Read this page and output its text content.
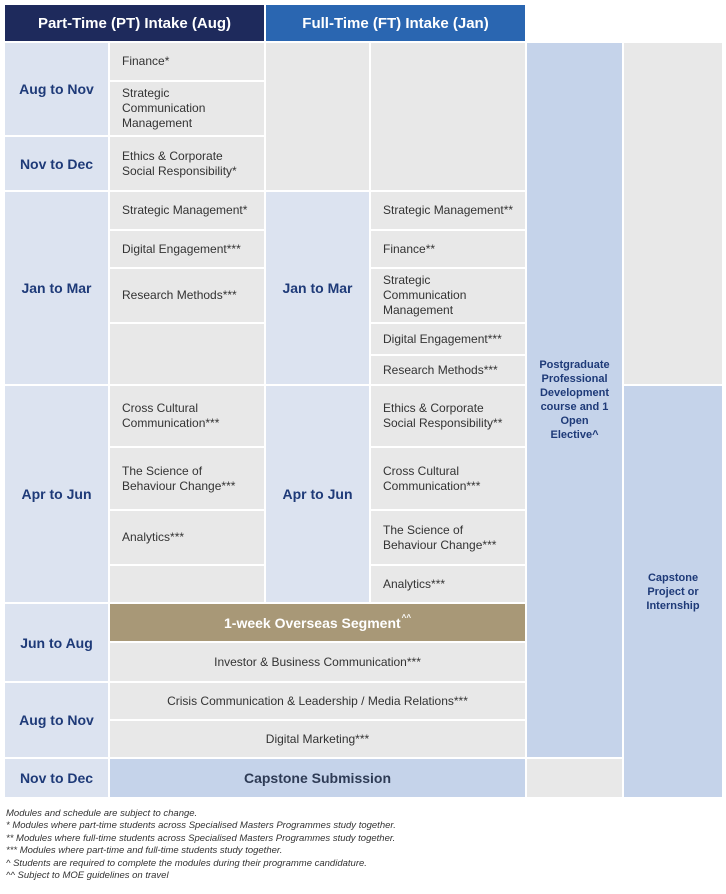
Part-Time (PT) Intake (Aug)	Full-Time (FT) Intake (Jan)
Aug to Nov
Nov to Dec
Jan to Mar
Apr to Jun
Jun to Aug
Aug to Nov
Nov to Dec
Finance*
Strategic Communication Management
Ethics & Corporate Social Responsibility*
Strategic Management*
Digital Engagement***
Research Methods***
Cross Cultural Communication***
The Science of Behaviour Change***
Analytics***
Jan to Mar
Apr to Jun
Strategic Management**
Finance**
Strategic Communication Management
Digital Engagement***
Research Methods***
Ethics & Corporate Social Responsibility**
Cross Cultural Communication***
The Science of Behaviour Change***
Analytics***
1-week Overseas Segment ^^
Investor & Business Communication***
Crisis Communication & Leadership / Media Relations***
Digital Marketing***
Capstone Submission
Postgraduate Professional Development course and 1 Open Elective^
Capstone Project or Internship
Modules and schedule are subject to change.
* Modules where part-time students across Specialised Masters Programmes study together.
** Modules where full-time students across Specialised Masters Programmes study together.
*** Modules where part-time and full-time students study together.
^ Students are required to complete the modules during their programme candidature.
^^ Subject to MOE guidelines on travel
